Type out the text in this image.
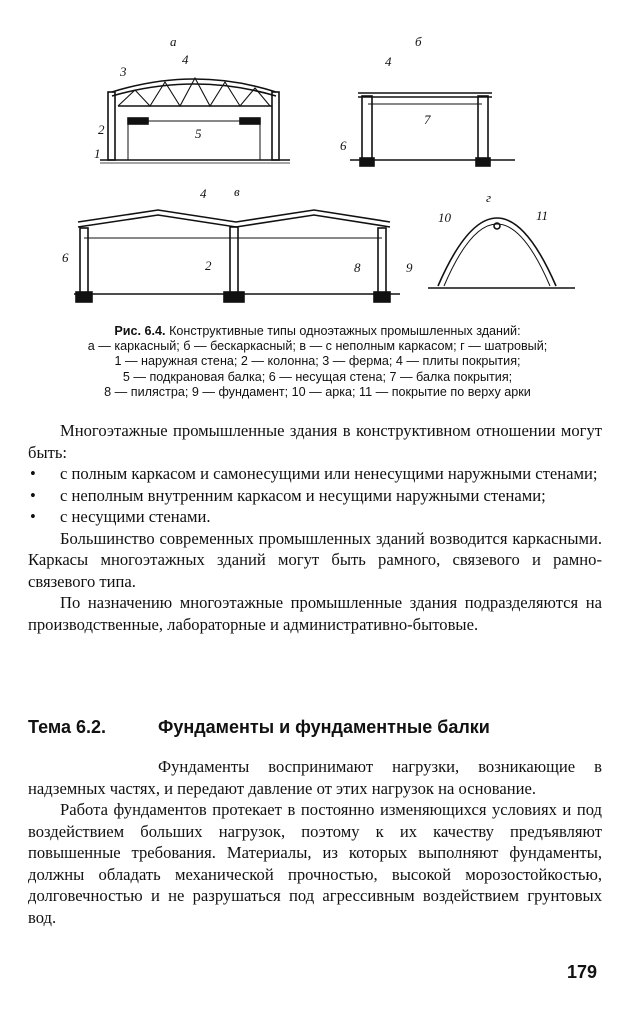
а	б
в	г
3
4
2	5
1
4
7
6
4
6
2	8
10	11
9
Рис. 6.4. Конструктивные типы одноэтажных промышленных зданий:
а — каркасный; б — бескаркасный; в — с неполным каркасом; г — шатровый;
1 — наружная стена; 2 — колонна; 3 — ферма; 4 — плиты покрытия;
5 — подкрановая балка; 6 — несущая стена; 7 — балка покрытия;
8 — пилястра; 9 — фундамент; 10 — арка; 11 — покрытие по верху арки

Многоэтажные промышленные здания в конструктивном отношении могут быть:

•	с полным каркасом и самонесущими или ненесущими наружными стенами;
•	с неполным внутренним каркасом и несущими наружными стенами;
•	с несущими стенами.

Большинство современных промышленных зданий возводится каркасными. Каркасы многоэтажных зданий могут быть рамного, связевого и рамно-связевого типа.

По назначению многоэтажные промышленные здания подразделяются на производственные, лабораторные и административно-бытовые.

Тема 6.2.	Фундаменты и фундаментные балки

Фундаменты воспринимают нагрузки, возникающие в надземных частях, и передают давление от этих нагрузок на основание.

Работа фундаментов протекает в постоянно изменяющихся условиях и под воздействием больших нагрузок, поэтому к их качеству предъявляют повышенные требования. Материалы, из которых выполняют фундаменты, должны обладать механической прочностью, высокой морозостойкостью, долговечностью и не разрушаться под агрессивным воздействием грунтовых вод.

179
